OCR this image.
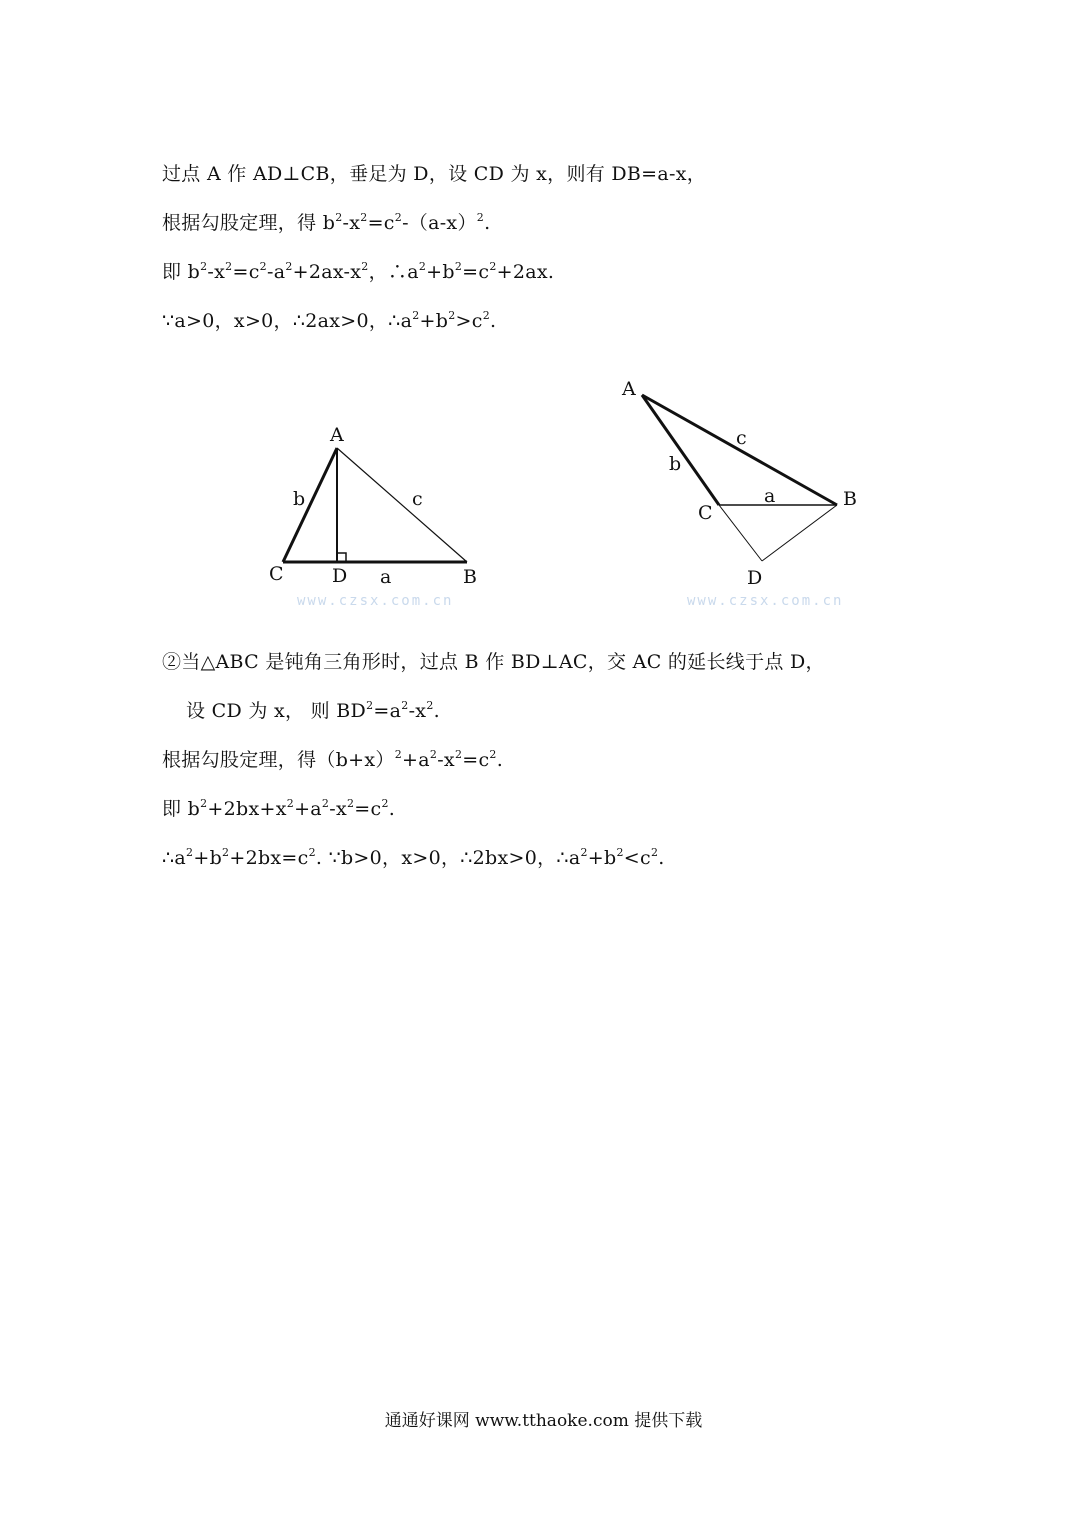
过点 A 作 AD⊥CB，垂足为 D，设 CD 为 x，则有 DB=a-x，
根据勾股定理，得 $b^2-x^2=c^2-(a-x)^2$.
即 $b^2-x^2=c^2-a^2+2ax-x^2$，$\therefore a^2+b^2=c^2+2ax$.
∵a>0，x>0，∴2ax>0，$\therefore a^2+b^2>c^2$.
A
C	D	B
b	c
a
www.czsx.com.cn
A
C
B
D
b
c
a
www.czsx.com.cn
②当△ABC 是钝角三角形时，过点 B 作 BD⊥AC，交 AC 的延长线于点 D，
设 CD 为 x， 则 $BD^2=a^2-x^2$.
根据勾股定理，得$(b+x)^2+a^2-x^2=c^2$.
即 $b^2+2bx+x^2+a^2-x^2=c^2$.
$\therefore a^2+b^2+2bx=c^2$. ∵b>0，x>0，∴2bx>0，$\therefore a^2+b^2<c^2$.
通通好课网 www.tthaoke.com 提供下载
